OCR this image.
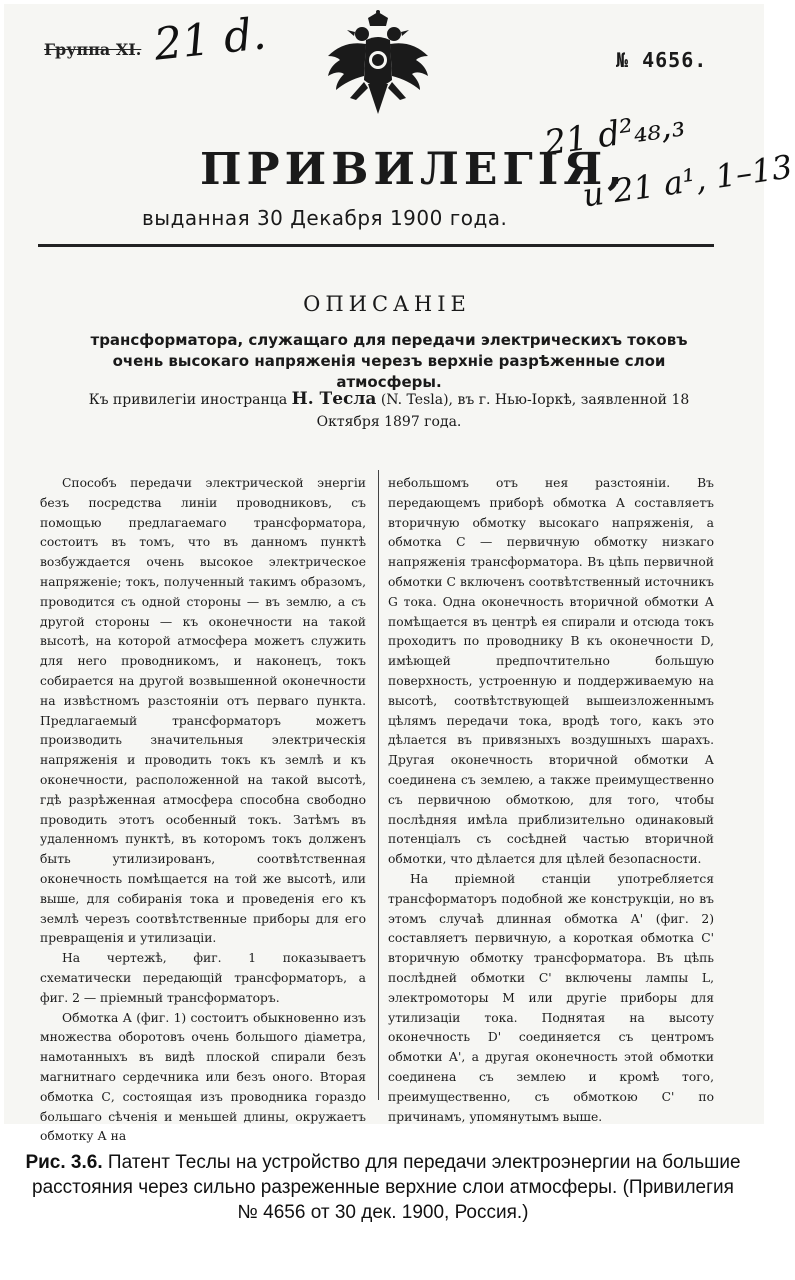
Группа XI. 21 d.	№ 4656.
21 d²₄₈,₃
и 21 a¹, 1–13
ПРИВИЛЕГІЯ,
выданная 30 Декабря 1900 года.
ОПИСАНІЕ
трансформатора, служащаго для передачи электрическихъ токовъ очень высокаго напряженія черезъ верхніе разрѣженные слои атмосферы.
Къ привилегіи иностранца Н. Тесла (N. Tesla), въ г. Нью-Іоркѣ, заявленной 18 Октября 1897 года.

Способъ передачи электрической энергіи безъ посредства линіи проводниковъ, съ помощью предлагаемаго трансформатора, состоитъ въ томъ, что въ данномъ пунктѣ возбуждается очень высокое электрическое напряженіе; токъ, полученный такимъ образомъ, проводится съ одной стороны — въ землю, а съ другой стороны — къ оконечности на такой высотѣ, на которой атмосфера можетъ служить для него проводникомъ, и наконецъ, токъ собирается на другой возвышенной оконечности на извѣстномъ разстояніи отъ перваго пункта. Предлагаемый трансформаторъ можетъ производить значительныя электрическія напряженія и проводить токъ къ землѣ и къ оконечности, расположенной на такой высотѣ, гдѣ разрѣженная атмосфера способна свободно проводить этотъ особенный токъ. Затѣмъ въ удаленномъ пунктѣ, въ которомъ токъ долженъ быть утилизированъ, соотвѣтственная оконечность помѣщается на той же высотѣ, или выше, для собиранія тока и проведенія его къ землѣ черезъ соотвѣтственные приборы для его превращенія и утилизаціи.

На чертежѣ, фиг. 1 показываетъ схематически передающій трансформаторъ, а фиг. 2 — пріемный трансформаторъ.

Обмотка А (фиг. 1) состоитъ обыкновенно изъ множества оборотовъ очень большого діаметра, намотанныхъ въ видѣ плоской спирали безъ магнитнаго сердечника или безъ оного. Вторая обмотка С, состоящая изъ проводника гораздо большаго сѣченія и меньшей длины, окружаетъ обмотку А на

небольшомъ отъ нея разстояніи. Въ передающемъ приборѣ обмотка А составляетъ вторичную обмотку высокаго напряженія, а обмотка С — первичную обмотку низкаго напряженія трансформатора. Въ цѣпь первичной обмотки С включенъ соотвѣтственный источникъ G тока. Одна оконечность вторичной обмотки А помѣщается въ центрѣ ея спирали и отсюда токъ проходитъ по проводнику В къ оконечности D, имѣющей предпочтительно большую поверхность, устроенную и поддерживаемую на высотѣ, соотвѣтствующей вышеизложеннымъ цѣлямъ передачи тока, вродѣ того, какъ это дѣлается въ привязныхъ воздушныхъ шарахъ. Другая оконечность вторичной обмотки А соединена съ землею, а также преимущественно съ первичною обмоткою, для того, чтобы послѣдняя имѣла приблизительно одинаковый потенціалъ съ сосѣдней частью вторичной обмотки, что дѣлается для цѣлей безопасности.

На пріемной станціи употребляется трансформаторъ подобной же конструкціи, но въ этомъ случаѣ длинная обмотка А' (фиг. 2) составляетъ первичную, а короткая обмотка С' вторичную обмотку трансформатора. Въ цѣпь послѣдней обмотки С' включены лампы L, электромоторы М или другіе приборы для утилизаціи тока. Поднятая на высоту оконечность D' соединяется съ центромъ обмотки А', а другая оконечность этой обмотки соединена съ землею и кромѣ того, преимущественно, съ обмоткою С' по причинамъ, упомянутымъ выше.

Рис. 3.6. Патент Теслы на устройство для передачи электроэнергии на большие расстояния через сильно разреженные верхние слои атмосферы. (Привилегия № 4656 от 30 дек. 1900, Россия.)
